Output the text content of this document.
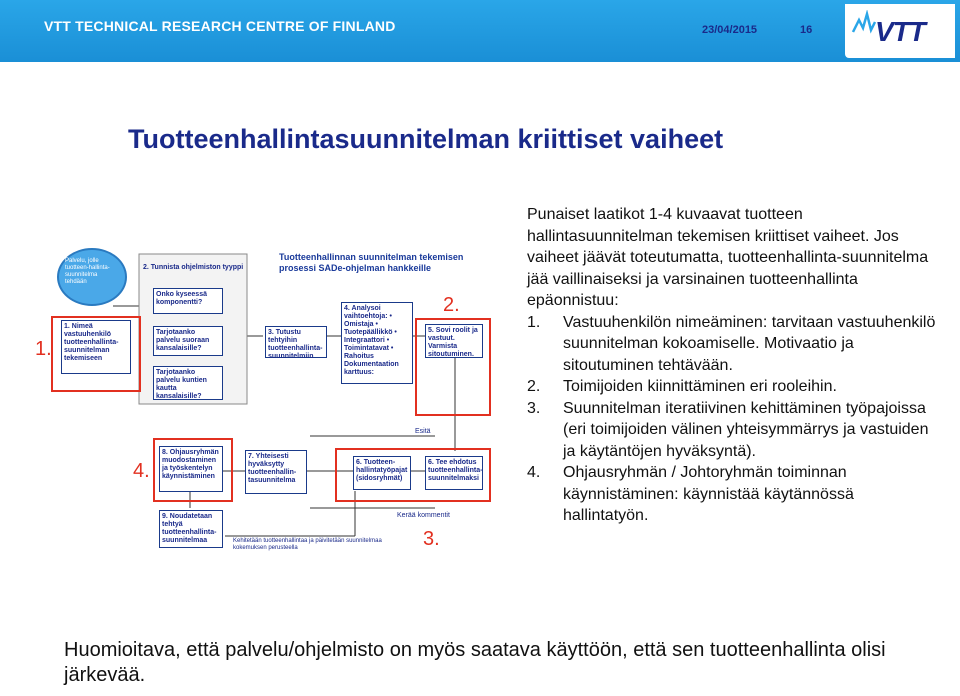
VTT TECHNICAL RESEARCH CENTRE OF FINLAND	23/04/2015	16 VTT
Tuotteenhallintasuunnitelman kriittiset vaiheet
Palvelu, jolle tuotteen-hallinta-suunnitelma tehdään
Tuotteenhallinnan suunnitelman tekemisen prosessi SADe-ohjelman hankkeille
1. Nimeä vastuuhenkilö tuotteenhallinta-suunnitelman tekemiseen
2. Tunnista ohjelmiston tyyppi
Onko kyseessä komponentti?
Tarjotaanko palvelu suoraan kansalaisille?
Tarjotaanko palvelu kuntien kautta kansalaisille?
3. Tutustu tehtyihin tuotteenhallinta-suunnitelmiin
4. Analysoi vaihtoehtoja: • Omistaja • Tuotepäällikkö • Integraattori • Toimintatavat • Rahoitus Dokumentaation karttuus:
5. Sovi roolit ja vastuut. Varmista sitoutuminen.
6. Tuotteen-hallintatyöpajat (sidosryhmät)
6. Tee ehdotus tuotteenhallinta-suunnitelmaksi
7. Yhteisesti hyväksytty tuotteenhallin-tasuunnitelma
8. Ohjausryhmän muodostaminen ja työskentelyn käynnistäminen
9. Noudatetaan tehtyä tuotteenhallinta-suunnitelmaa
Esitä
Kerää kommentit
Kehitetään tuotteenhallintaa ja päivitetään suunnitelmaa kokemuksen perusteella
1.
2.
3.
4.

Punaiset laatikot 1-4 kuvaavat tuotteen hallintasuunnitelman tekemisen kriittiset vaiheet. Jos vaiheet jäävät toteutumatta, tuotteenhallinta-suunnitelma jää vaillinaiseksi ja varsinainen tuotteenhallinta epäonnistuu:

1. Vastuuhenkilön nimeäminen: tarvitaan vastuuhenkilö suunnitelman kokoamiselle. Motivaatio ja sitoutuminen tehtävään.
2. Toimijoiden kiinnittäminen eri rooleihin.
3. Suunnitelman iteratiivinen kehittäminen työpajoissa (eri toimijoiden välinen yhteisymmärrys ja vastuiden ja käytäntöjen hyväksyntä).
4. Ohjausryhmän / Johtoryhmän toiminnan käynnistäminen: käynnistää käytännössä hallintatyön.
Huomioitava, että palvelu/ohjelmisto on myös saatava käyttöön, että sen tuotteenhallinta olisi järkevää.
